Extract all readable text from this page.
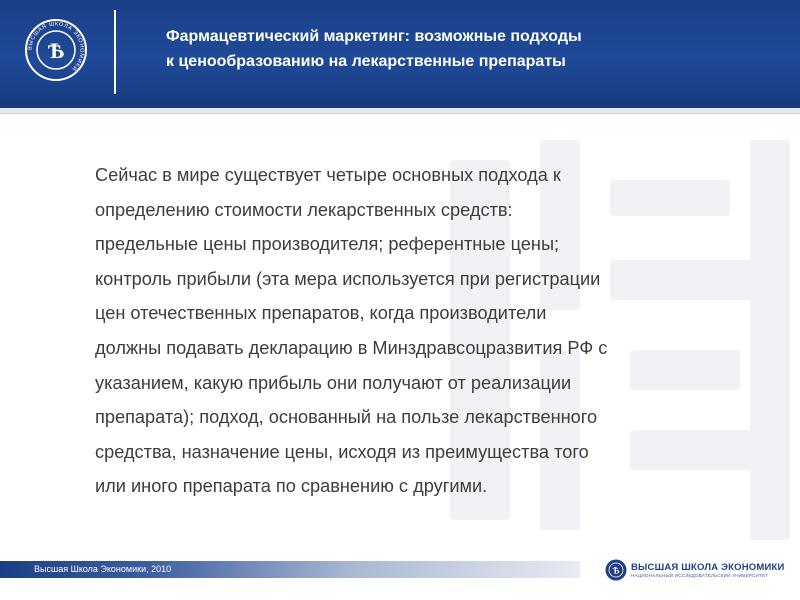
ВЫСШАЯ ШКОЛА ЭКОНОМИКИ
Ѣ
Фармацевтический маркетинг: возможные подходы
к ценообразованию на лекарственные препараты
Сейчас в мире существует четыре основных подхода к
определению стоимости лекарственных средств:
предельные цены производителя; референтные цены;
контроль прибыли (эта мера используется при регистрации
цен отечественных препаратов, когда производители
должны подавать декларацию в Минздравсоцразвития РФ с
указанием, какую прибыль они получают от реализации
препарата); подход, основанный на пользе лекарственного
средства, назначение цены, исходя из преимущества того
или иного препарата по сравнению с другими.
Высшая Школа Экономики, 2010	Ѣ ВЫСШАЯ ШКОЛА ЭКОНОМИКИ
НАЦИОНАЛЬНЫЙ ИССЛЕДОВАТЕЛЬСКИЙ УНИВЕРСИТЕТ
